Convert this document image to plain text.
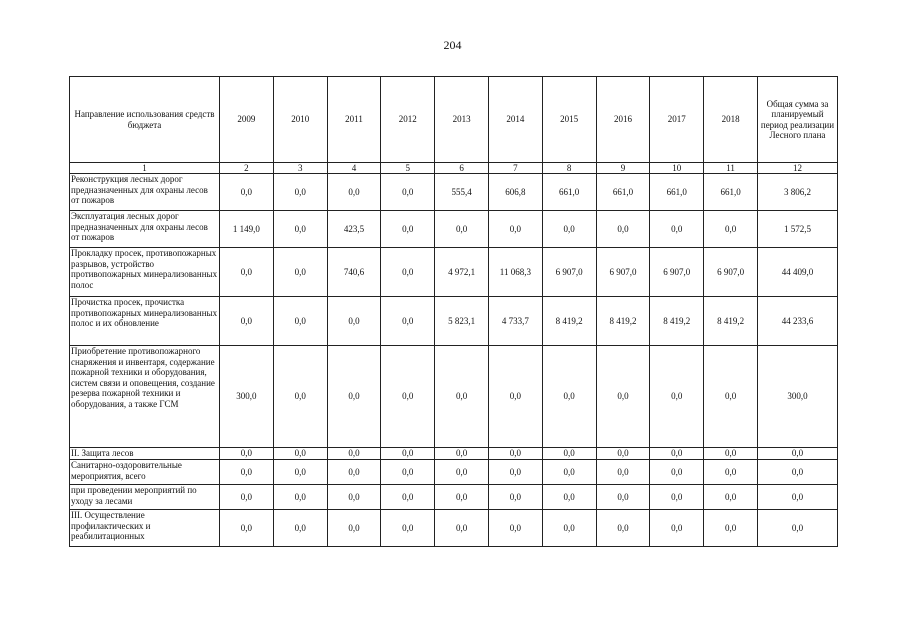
204
Направление использования средств бюджета	2009	2010	2011	2012	2013	2014	2015	2016	2017	2018	Общая сумма за планируемый период реализации Лесного плана
1	2	3	4	5	6	7	8	9	10	11	12
Реконструкция лесных дорог предназначенных для охраны лесов от пожаров	0,0	0,0	0,0	0,0	555,4	606,8	661,0	661,0	661,0	661,0	3 806,2
Эксплуатация лесных дорог предназначенных для охраны лесов от пожаров	1 149,0	0,0	423,5	0,0	0,0	0,0	0,0	0,0	0,0	0,0	1 572,5
Прокладку просек, противопожарных разрывов, устройство противопожарных минерализованных полос	0,0	0,0	740,6	0,0	4 972,1	11 068,3	6 907,0	6 907,0	6 907,0	6 907,0	44 409,0
Прочистка просек, прочистка противопожарных минерализованных полос и их обновление	0,0	0,0	0,0	0,0	5 823,1	4 733,7	8 419,2	8 419,2	8 419,2	8 419,2	44 233,6
Приобретение противопожарного снаряжения и инвентаря, содержание пожарной техники и оборудования, систем связи и оповещения, создание резерва пожарной техники и оборудования, а также ГСМ	300,0	0,0	0,0	0,0	0,0	0,0	0,0	0,0	0,0	0,0	300,0
II. Защита лесов	0,0	0,0	0,0	0,0	0,0	0,0	0,0	0,0	0,0	0,0	0,0
Санитарно-оздоровительные мероприятия, всего	0,0	0,0	0,0	0,0	0,0	0,0	0,0	0,0	0,0	0,0	0,0
при проведении мероприятий по уходу за лесами	0,0	0,0	0,0	0,0	0,0	0,0	0,0	0,0	0,0	0,0	0,0
III. Осуществление профилактических и реабилитационных	0,0	0,0	0,0	0,0	0,0	0,0	0,0	0,0	0,0	0,0	0,0
